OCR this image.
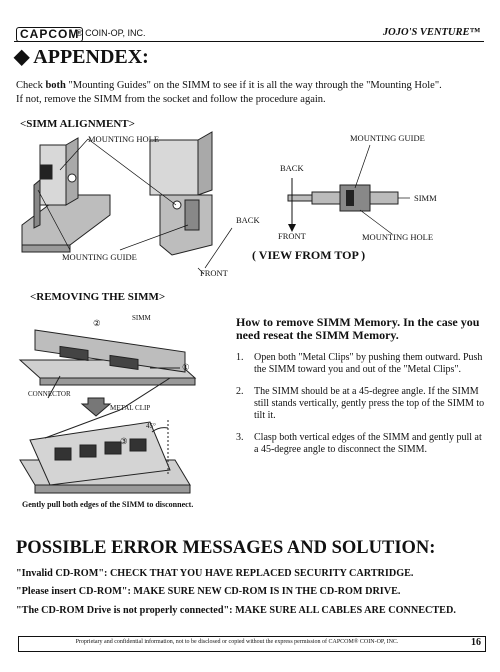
CAPCOM
® COIN-OP, INC.	JOJO'S VENTURE™
◆ APPENDEX:
Check both "Mounting Guides" on the SIMM to see if it is all the way through the "Mounting Hole".
If not, remove the SIMM from the socket and follow the procedure again.
<SIMM ALIGNMENT>
MOUNTING HOLE
MOUNTING GUIDE
BACK
FRONT
MOUNTING GUIDE
BACK
SIMM
FRONT	MOUNTING HOLE
( VIEW FROM TOP )
<REMOVING THE SIMM>
SIMM
CONNECTOR
METAL CLIP
45°
①
②
③
Gently pull both edges of the SIMM to disconnect.
How to remove SIMM Memory. In the case you need reseat the SIMM Memory.
1. Open both "Metal Clips" by pushing them outward. Push the SIMM toward you and out of the "Metal Clips".
2. The SIMM should be at a 45-degree angle. If the SIMM still stands vertically, gently press the top of the SIMM to tilt it.
3. Clasp both vertical edges of the SIMM and gently pull at a 45-degree angle to disconnect the SIMM.
POSSIBLE ERROR MESSAGES AND SOLUTION:
"Invalid CD-ROM": CHECK THAT YOU HAVE REPLACED SECURITY CARTRIDGE.
"Please insert CD-ROM": MAKE SURE NEW CD-ROM IS IN THE CD-ROM DRIVE.
"The CD-ROM Drive is not properly connected": MAKE SURE ALL CABLES ARE CONNECTED.
Proprietary and confidential information, not to be disclosed or copied without the express permission of CAPCOM® COIN-OP, INC.	16
